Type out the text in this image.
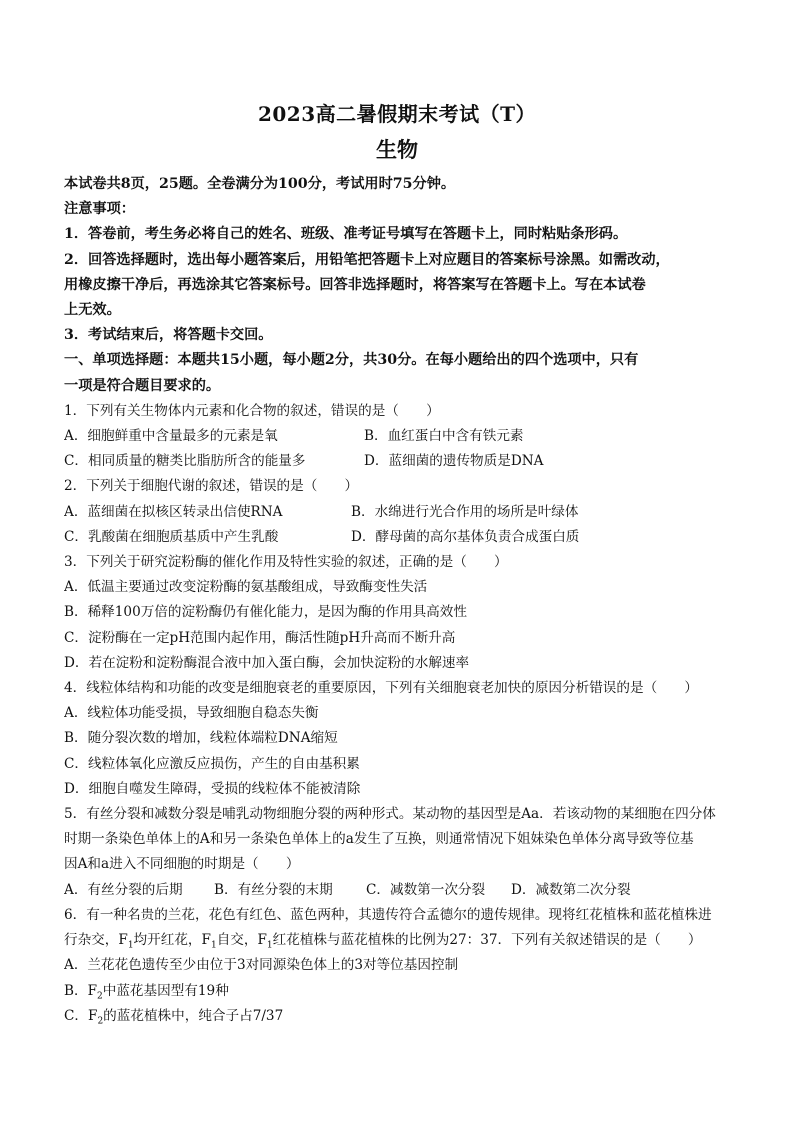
2023高二暑假期末考试（T）
生物
本试卷共8页，25题。全卷满分为100分，考试用时75分钟。
注意事项：
1．答卷前，考生务必将自己的姓名、班级、准考证号填写在答题卡上，同时粘贴条形码。
2．回答选择题时，选出每小题答案后，用铅笔把答题卡上对应题目的答案标号涂黑。如需改动，
用橡皮擦干净后，再选涂其它答案标号。回答非选择题时，将答案写在答题卡上。写在本试卷
上无效。
3．考试结束后，将答题卡交回。
一、单项选择题：本题共15小题，每小题2分，共30分。在每小题给出的四个选项中，只有
一项是符合题目要求的。
1．下列有关生物体内元素和化合物的叙述，错误的是（　　）
A．细胞鲜重中含量最多的元素是氧	B．血红蛋白中含有铁元素
C．相同质量的糖类比脂肪所含的能量多	D．蓝细菌的遗传物质是DNA
2．下列关于细胞代谢的叙述，错误的是（　　）
A．蓝细菌在拟核区转录出信使RNA	B．水绵进行光合作用的场所是叶绿体
C．乳酸菌在细胞质基质中产生乳酸	D．酵母菌的高尔基体负责合成蛋白质
3．下列关于研究淀粉酶的催化作用及特性实验的叙述，正确的是（　　）
A．低温主要通过改变淀粉酶的氨基酸组成，导致酶变性失活
B．稀释100万倍的淀粉酶仍有催化能力，是因为酶的作用具高效性
C．淀粉酶在一定pH范围内起作用，酶活性随pH升高而不断升高
D．若在淀粉和淀粉酶混合液中加入蛋白酶，会加快淀粉的水解速率
4．线粒体结构和功能的改变是细胞衰老的重要原因，下列有关细胞衰老加快的原因分析错误的是（　　）
A．线粒体功能受损，导致细胞自稳态失衡
B．随分裂次数的增加，线粒体端粒DNA缩短
C．线粒体氧化应激反应损伤，产生的自由基积累
D．细胞自噬发生障碍，受损的线粒体不能被清除
5．有丝分裂和减数分裂是哺乳动物细胞分裂的两种形式。某动物的基因型是Aa．若该动物的某细胞在四分体
时期一条染色单体上的A和另一条染色单体上的a发生了互换，则通常情况下姐妹染色单体分离导致等位基
因A和a进入不同细胞的时期是（　　）
A．有丝分裂的后期	B．有丝分裂的末期	C．减数第一次分裂	D．减数第二次分裂
6．有一种名贵的兰花，花色有红色、蓝色两种，其遗传符合孟德尔的遗传规律。现将红花植株和蓝花植株进
行杂交，$F_1$均开红花，$F_1$自交，$F_1$红花植株与蓝花植株的比例为27：37．下列有关叙述错误的是（　　）
A．兰花花色遗传至少由位于3对同源染色体上的3对等位基因控制
B．$F_2$中蓝花基因型有19种
C．$F_2$的蓝花植株中，纯合子占7/37
